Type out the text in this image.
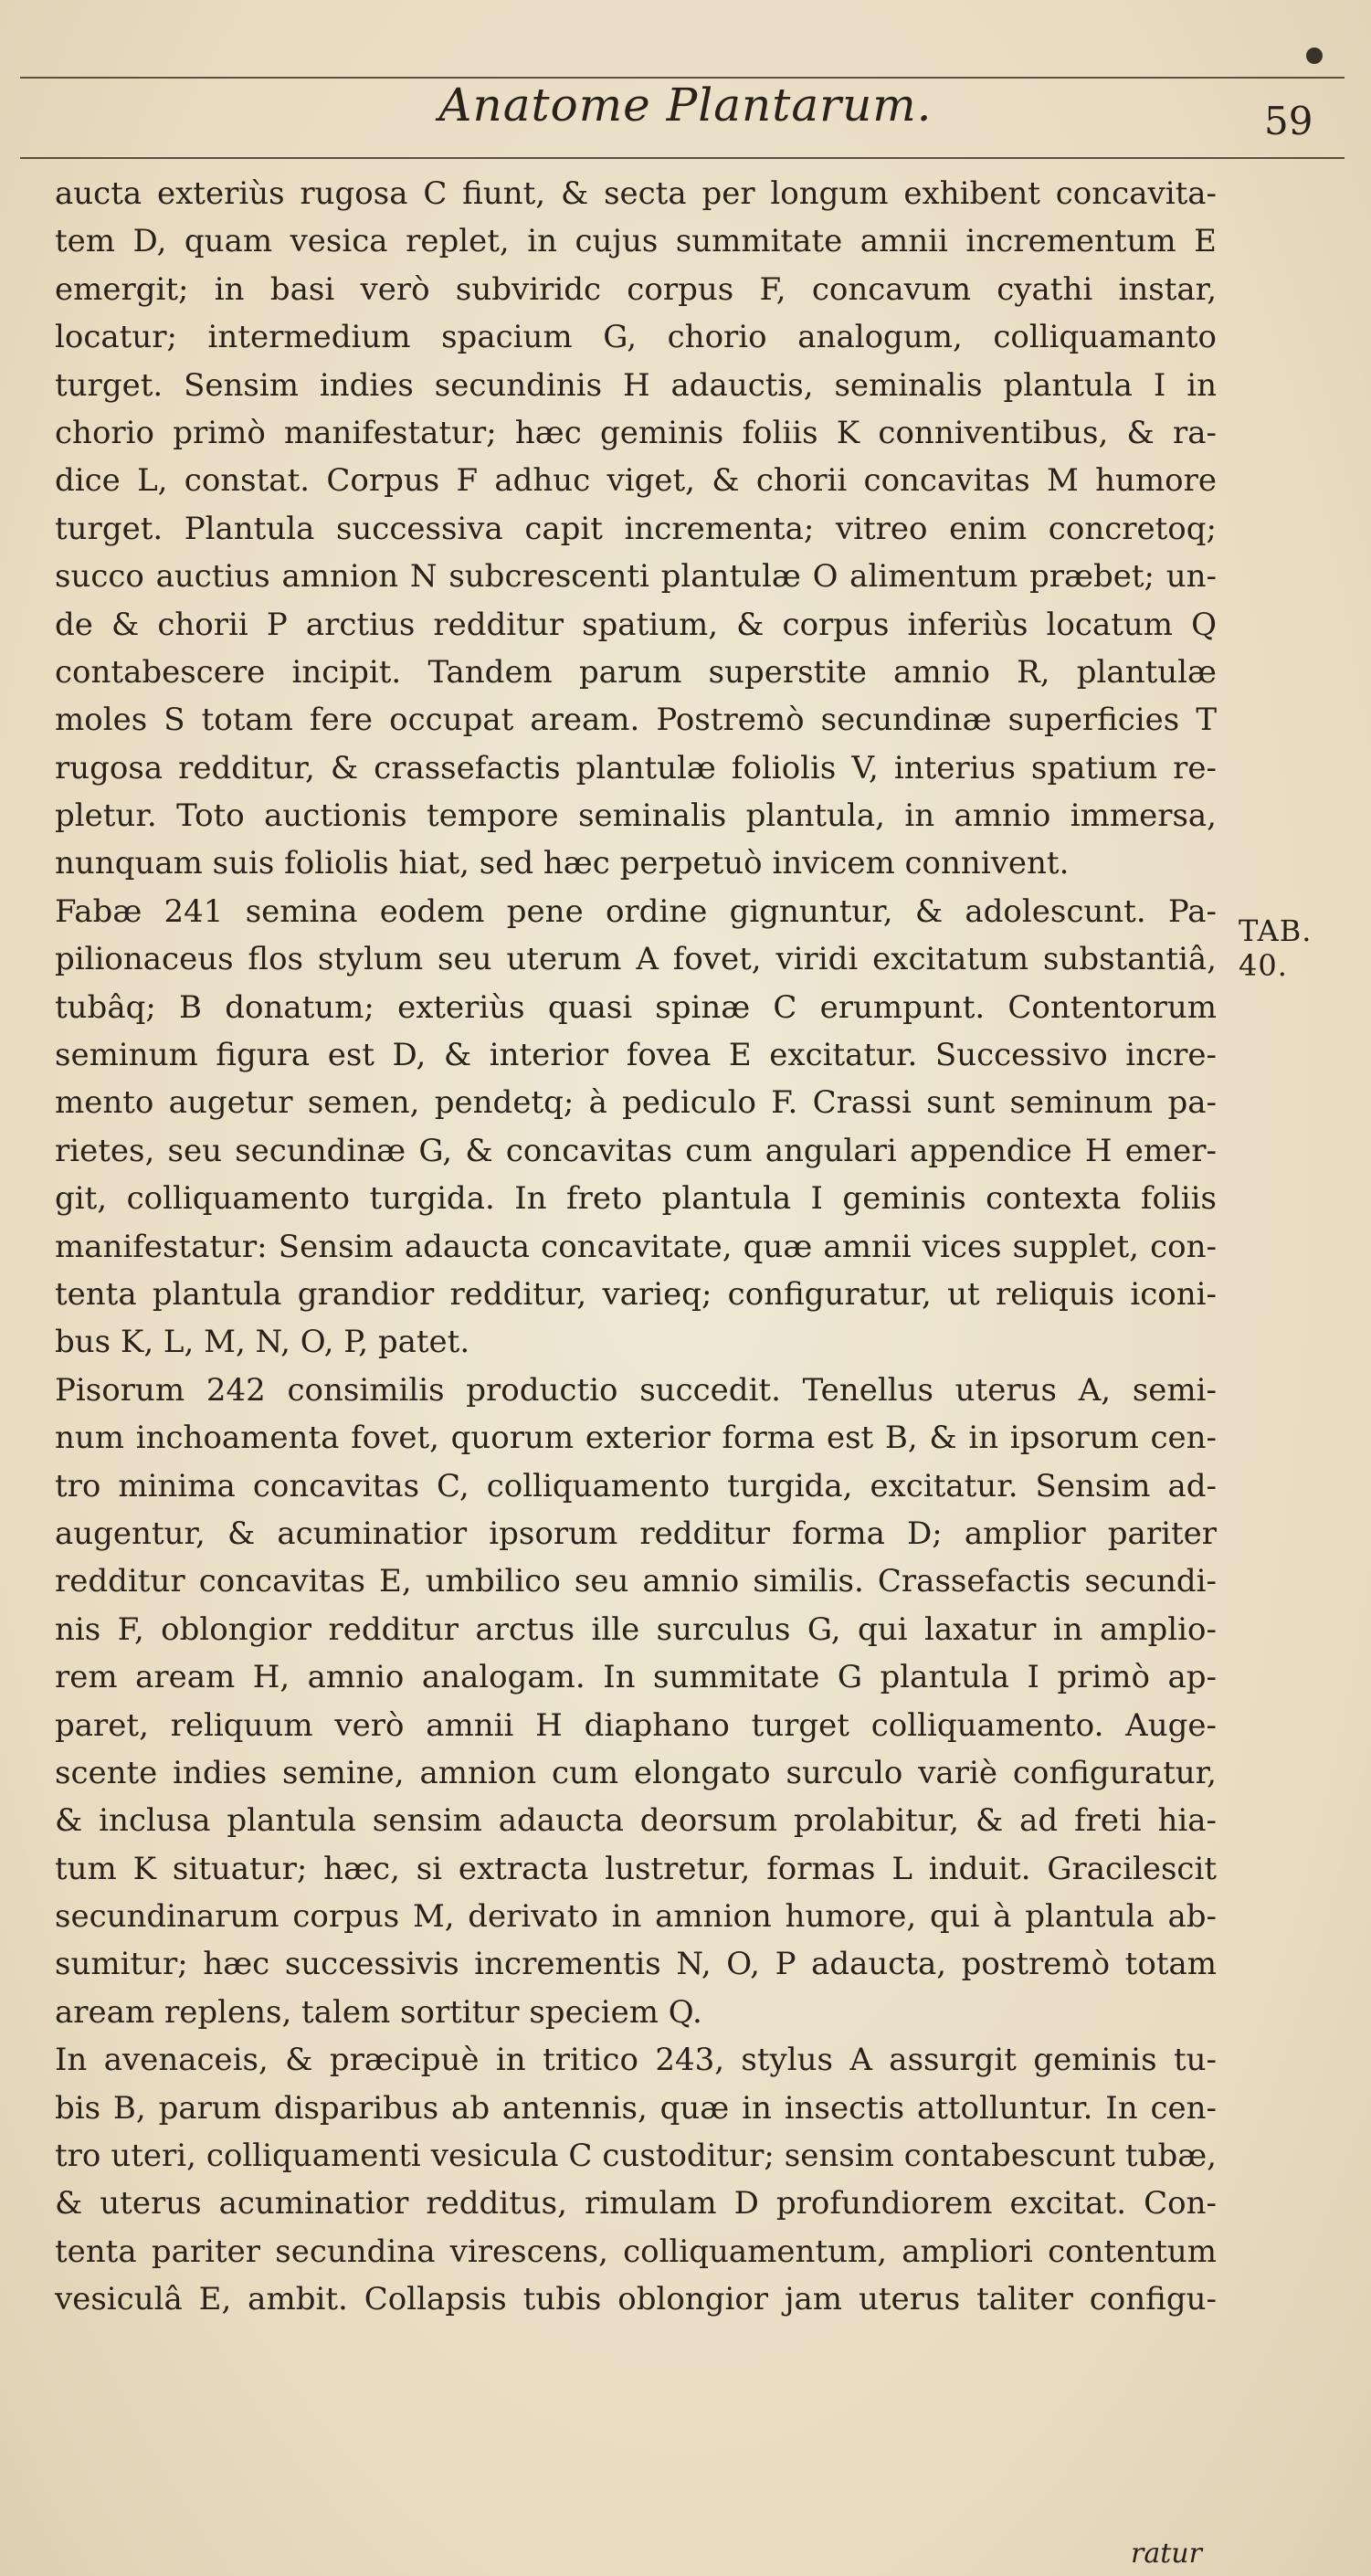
Anatome Plantarum.	59
aucta exteriùs rugosa C fiunt, & secta per longum exhibent concavita-
tem D, quam vesica replet, in cujus summitate amnii incrementum E
emergit; in basi verò subviridc corpus F, concavum cyathi instar,
locatur; intermedium spacium G, chorio analogum, colliquamanto
turget. Sensim indies secundinis H adauctis, seminalis plantula I in
chorio primò manifestatur; hæc geminis foliis K conniventibus, & ra-
dice L, constat. Corpus F adhuc viget, & chorii concavitas M humore
turget. Plantula successiva capit incrementa; vitreo enim concretoq;
succo auctius amnion N subcrescenti plantulæ O alimentum præbet; un-
de & chorii P arctius redditur spatium, & corpus inferiùs locatum Q
contabescere incipit. Tandem parum superstite amnio R, plantulæ
moles S totam fere occupat aream. Postremò secundinæ superficies T
rugosa redditur, & crassefactis plantulæ foliolis V, interius spatium re-
pletur. Toto auctionis tempore seminalis plantula, in amnio immersa,
nunquam suis foliolis hiat, sed hæc perpetuò invicem connivent.
Fabæ 241 semina eodem pene ordine gignuntur, & adolescunt. Pa-
pilionaceus flos stylum seu uterum A fovet, viridi excitatum substantiâ,
tubâq; B donatum; exteriùs quasi spinæ C erumpunt. Contentorum
seminum figura est D, & interior fovea E excitatur. Successivo incre-
mento augetur semen, pendetq; à pediculo F. Crassi sunt seminum pa-
rietes, seu secundinæ G, & concavitas cum angulari appendice H emer-
git, colliquamento turgida. In freto plantula I geminis contexta foliis
manifestatur: Sensim adaucta concavitate, quæ amnii vices supplet, con-
tenta plantula grandior redditur, varieq; configuratur, ut reliquis iconi-
bus K, L, M, N, O, P, patet.
Pisorum 242 consimilis productio succedit. Tenellus uterus A, semi-
num inchoamenta fovet, quorum exterior forma est B, & in ipsorum cen-
tro minima concavitas C, colliquamento turgida, excitatur. Sensim ad-
augentur, & acuminatior ipsorum redditur forma D; amplior pariter
redditur concavitas E, umbilico seu amnio similis. Crassefactis secundi-
nis F, oblongior redditur arctus ille surculus G, qui laxatur in amplio-
rem aream H, amnio analogam. In summitate G plantula I primò ap-
paret, reliquum verò amnii H diaphano turget colliquamento. Auge-
scente indies semine, amnion cum elongato surculo variè configuratur,
& inclusa plantula sensim adaucta deorsum prolabitur, & ad freti hia-
tum K situatur; hæc, si extracta lustretur, formas L induit. Gracilescit
secundinarum corpus M, derivato in amnion humore, qui à plantula ab-
sumitur; hæc successivis incrementis N, O, P adaucta, postremò totam
aream replens, talem sortitur speciem Q.
In avenaceis, & præcipuè in tritico 243, stylus A assurgit geminis tu-
bis B, parum disparibus ab antennis, quæ in insectis attolluntur. In cen-
tro uteri, colliquamenti vesicula C custoditur; sensim contabescunt tubæ,
& uterus acuminatior redditus, rimulam D profundiorem excitat. Con-
tenta pariter secundina virescens, colliquamentum, ampliori contentum
vesiculâ E, ambit. Collapsis tubis oblongior jam uterus taliter configu-
TAB. 40.
ratur
